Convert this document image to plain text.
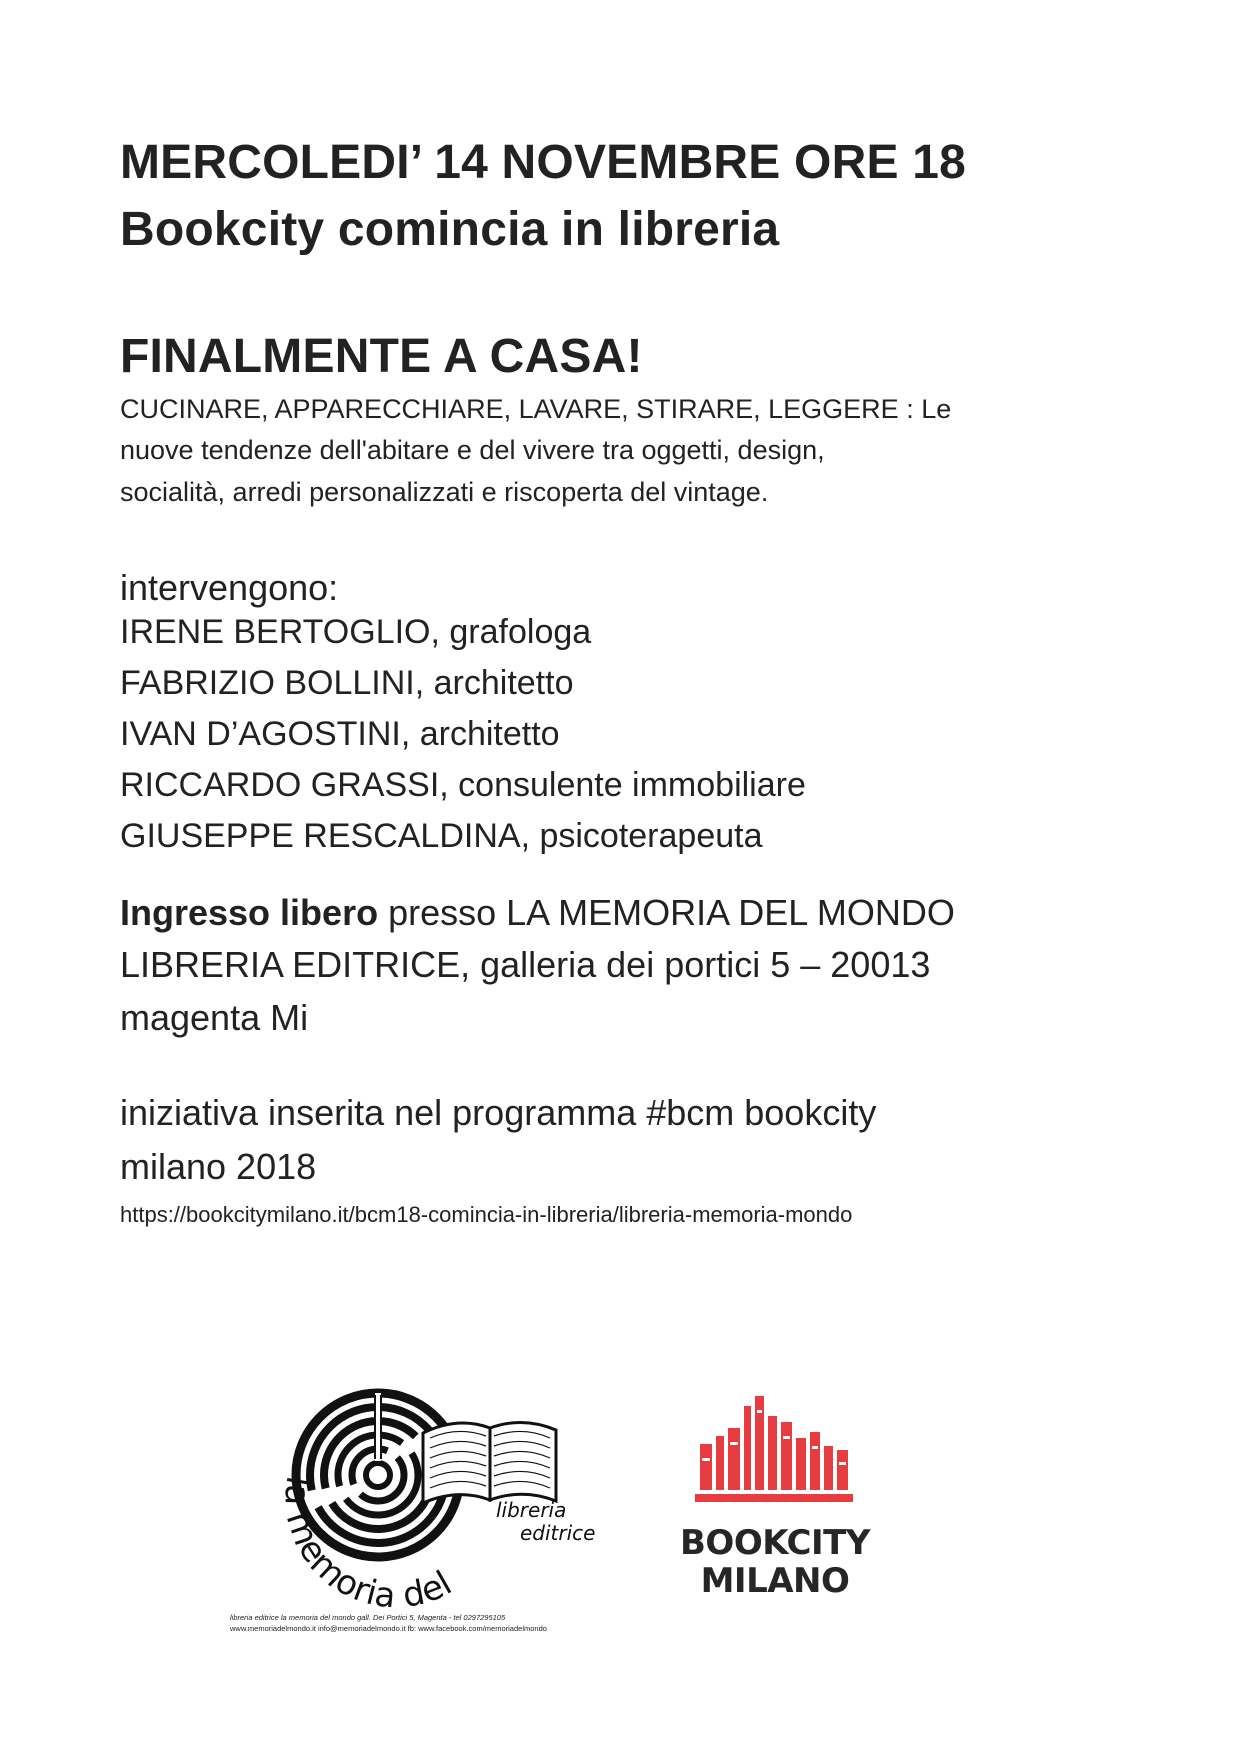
MERCOLEDI’ 14 NOVEMBRE ORE 18
Bookcity comincia in libreria
FINALMENTE A CASA!
CUCINARE, APPARECCHIARE, LAVARE, STIRARE, LEGGERE : Le
nuove tendenze dell'abitare e del vivere tra oggetti, design,
socialità, arredi personalizzati e riscoperta del vintage.
intervengono:
IRENE BERTOGLIO, grafologa
FABRIZIO BOLLINI, architetto
IVAN D’AGOSTINI, architetto
RICCARDO GRASSI, consulente immobiliare
GIUSEPPE RESCALDINA, psicoterapeuta
Ingresso libero presso LA MEMORIA DEL MONDO
LIBRERIA EDITRICE, galleria dei portici 5 – 20013
magenta Mi
iniziativa inserita nel programma #bcm bookcity
milano 2018
https://bookcitymilano.it/bcm18-comincia-in-libreria/libreria-memoria-mondo
la memoria del
libreria
editrice
libreria editrice la memoria del mondo gall. Dei Portici 5, Magenta - tel 0297295105
www.memoriadelmondo.it info@memoriadelmondo.it fb: www.facebook.com/memoriadelmondo
BOOKCITY
MILANO
